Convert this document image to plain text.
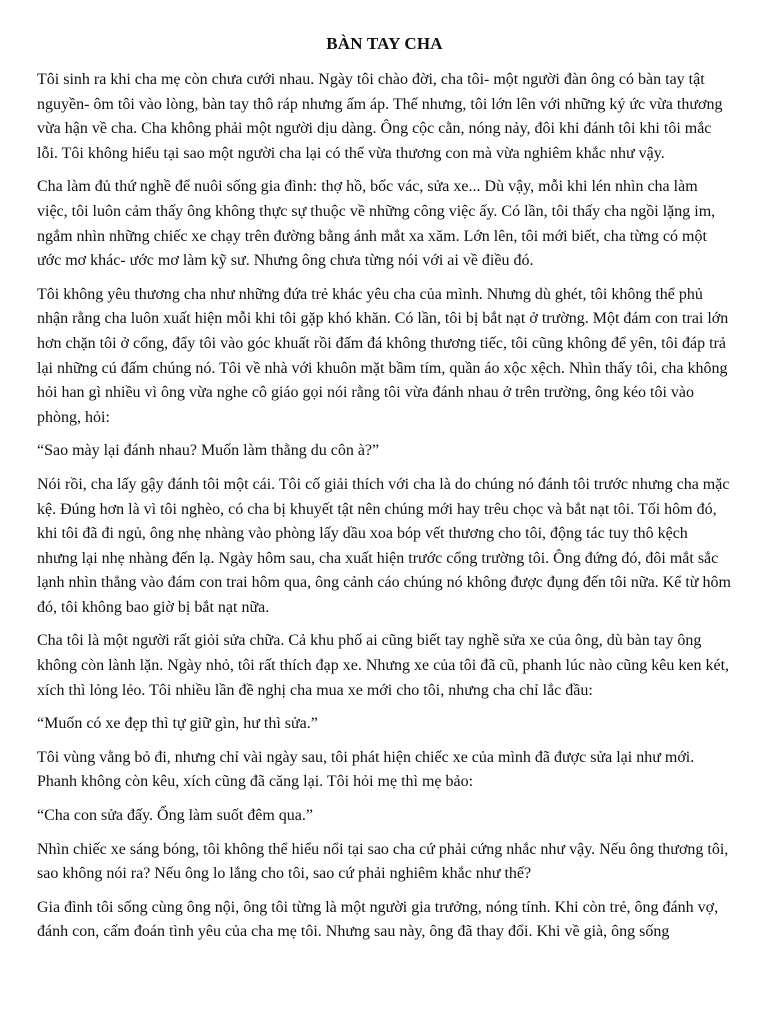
BÀN TAY CHA

Tôi sinh ra khi cha mẹ còn chưa cưới nhau. Ngày tôi chào đời, cha tôi- một người đàn ông có bàn tay tật nguyền- ôm tôi vào lòng, bàn tay thô ráp nhưng ấm áp. Thế nhưng, tôi lớn lên với những ký ức vừa thương vừa hận về cha. Cha không phải một người dịu dàng. Ông cộc cằn, nóng nảy, đôi khi đánh tôi khi tôi mắc lỗi. Tôi không hiểu tại sao một người cha lại có thể vừa thương con mà vừa nghiêm khắc như vậy.

Cha làm đủ thứ nghề để nuôi sống gia đình: thợ hồ, bốc vác, sửa xe... Dù vậy, mỗi khi lén nhìn cha làm việc, tôi luôn cảm thấy ông không thực sự thuộc về những công việc ấy. Có lần, tôi thấy cha ngồi lặng im, ngắm nhìn những chiếc xe chạy trên đường bằng ánh mắt xa xăm. Lớn lên, tôi mới biết, cha từng có một ước mơ khác- ước mơ làm kỹ sư. Nhưng ông chưa từng nói với ai về điều đó.

Tôi không yêu thương cha như những đứa trẻ khác yêu cha của mình. Nhưng dù ghét, tôi không thể phủ nhận rằng cha luôn xuất hiện mỗi khi tôi gặp khó khăn. Có lần, tôi bị bắt nạt ở trường. Một đám con trai lớn hơn chặn tôi ở cổng, đẩy tôi vào góc khuất rồi đấm đá không thương tiếc, tôi cũng không để yên, tôi đáp trả lại những cú đấm chúng nó. Tôi về nhà với khuôn mặt bầm tím, quần áo xộc xệch. Nhìn thấy tôi, cha không hỏi han gì nhiều vì ông vừa nghe cô giáo gọi nói rằng tôi vừa đánh nhau ở trên trường, ông kéo tôi vào phòng, hỏi:

“Sao mày lại đánh nhau? Muốn làm thằng du côn à?”

Nói rồi, cha lấy gậy đánh tôi một cái. Tôi cố giải thích với cha là do chúng nó đánh tôi trước nhưng cha mặc kệ. Đúng hơn là vì tôi nghèo, có cha bị khuyết tật nên chúng mới hay trêu chọc và bắt nạt tôi. Tối hôm đó, khi tôi đã đi ngủ, ông nhẹ nhàng vào phòng lấy dầu xoa bóp vết thương cho tôi, động tác tuy thô kệch nhưng lại nhẹ nhàng đến lạ. Ngày hôm sau, cha xuất hiện trước cổng trường tôi. Ông đứng đó, đôi mắt sắc lạnh nhìn thẳng vào đám con trai hôm qua, ông cảnh cáo chúng nó không được đụng đến tôi nữa. Kể từ hôm đó, tôi không bao giờ bị bắt nạt nữa.

Cha tôi là một người rất giỏi sửa chữa. Cả khu phố ai cũng biết tay nghề sửa xe của ông, dù bàn tay ông không còn lành lặn. Ngày nhỏ, tôi rất thích đạp xe. Nhưng xe của tôi đã cũ, phanh lúc nào cũng kêu ken két, xích thì lỏng lẻo. Tôi nhiều lần đề nghị cha mua xe mới cho tôi, nhưng cha chỉ lắc đầu:

“Muốn có xe đẹp thì tự giữ gìn, hư thì sửa.”

Tôi vùng vằng bỏ đi, nhưng chỉ vài ngày sau, tôi phát hiện chiếc xe của mình đã được sửa lại như mới. Phanh không còn kêu, xích cũng đã căng lại. Tôi hỏi mẹ thì mẹ bảo:

“Cha con sửa đấy. Ổng làm suốt đêm qua.”

Nhìn chiếc xe sáng bóng, tôi không thể hiểu nổi tại sao cha cứ phải cứng nhắc như vậy. Nếu ông thương tôi, sao không nói ra? Nếu ông lo lắng cho tôi, sao cứ phải nghiêm khắc như thế?

Gia đình tôi sống cùng ông nội, ông tôi từng là một người gia trưởng, nóng tính. Khi còn trẻ, ông đánh vợ, đánh con, cấm đoán tình yêu của cha mẹ tôi. Nhưng sau này, ông đã thay đổi. Khi về già, ông sống
